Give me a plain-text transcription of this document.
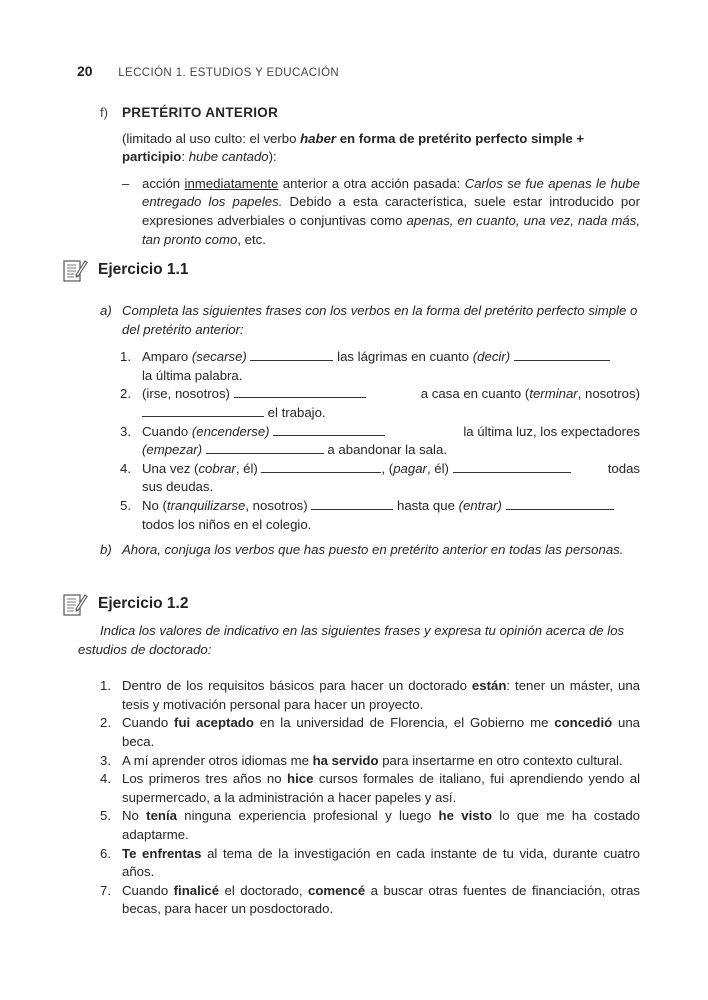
20 LECCIÓN 1. ESTUDIOS Y EDUCACIÓN
f) PRETÉRITO ANTERIOR
(limitado al uso culto: el verbo haber en forma de pretérito perfecto simple + participio: hube cantado):
– acción inmediatamente anterior a otra acción pasada: Carlos se fue apenas le hube entregado los papeles. Debido a esta característica, suele estar introducido por expresiones adverbiales o conjuntivas como apenas, en cuanto, una vez, nada más, tan pronto como, etc.
Ejercicio 1.1
a) Completa las siguientes frases con los verbos en la forma del pretérito perfecto simple o del pretérito anterior:
1. Amparo (secarse)	las lágrimas en cuanto (decir)
la última palabra.
2. (irse, nosotros)	a casa en cuanto (terminar, nosotros)
el trabajo.
3. Cuando (encenderse)	la última luz, los expectadores
(empezar)	a abandonar la sala.
4. Una vez (cobrar, él)	, (pagar, él)	todas
sus deudas.
5. No (tranquilizarse, nosotros)	hasta que (entrar)
todos los niños en el colegio.
b) Ahora, conjuga los verbos que has puesto en pretérito anterior en todas las personas.
Ejercicio 1.2
Indica los valores de indicativo en las siguientes frases y expresa tu opinión acerca de los estudios de doctorado:
1. Dentro de los requisitos básicos para hacer un doctorado están: tener un máster, una tesis y motivación personal para hacer un proyecto.
2. Cuando fui aceptado en la universidad de Florencia, el Gobierno me concedió una beca.
3. A mí aprender otros idiomas me ha servido para insertarme en otro contexto cultural.
4. Los primeros tres años no hice cursos formales de italiano, fui aprendiendo yendo al supermercado, a la administración a hacer papeles y así.
5. No tenía ninguna experiencia profesional y luego he visto lo que me ha costado adaptarme.
6. Te enfrentas al tema de la investigación en cada instante de tu vida, durante cuatro años.
7. Cuando finalicé el doctorado, comencé a buscar otras fuentes de financiación, otras becas, para hacer un posdoctorado.
